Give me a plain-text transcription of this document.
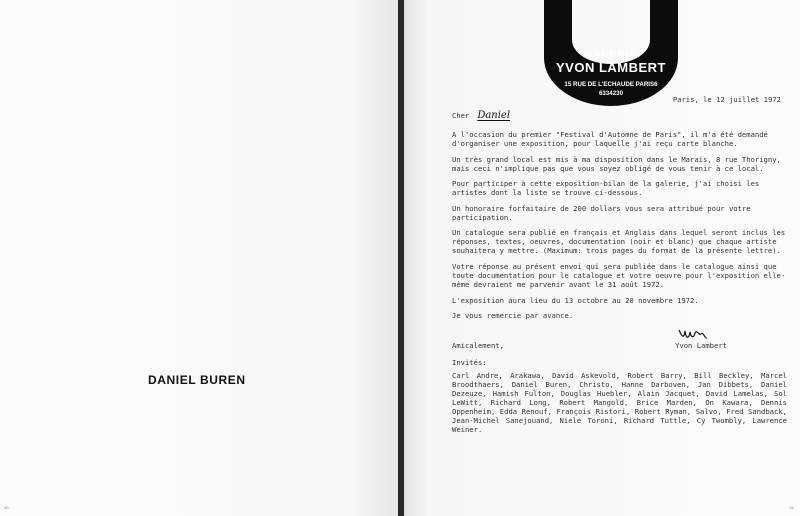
DANIEL BUREN
40
GALERIE
YVON LAMBERT
15 RUE DE L'ECHAUDE PARIS6
6334230
Paris, le 12 juillet 1972
Cher Daniel

A l'occasion du premier "Festival d'Automne de Paris", il m'a été demandé d'organiser une exposition, pour laquelle j'ai reçu carte blanche.

Un très grand local est mis à ma disposition dans le Marais, 8 rue Thorigny, mais ceci n'implique pas que vous soyez obligé de vous tenir à ce local.

Pour participer à cette exposition-bilan de la galerie, j'ai choisi les artistes dont la liste se trouve ci-dessous.

Un honoraire forfaitaire de 200 dollars vous sera attribué pour votre participation.

Un catalogue sera publié en français et Anglais dans lequel seront inclus les réponses, textes, oeuvres, documentation (noir et blanc) que chaque artiste souhaitera y mettre. (Maximum: trois pages du format de la présente lettre).

Votre réponse au présent envoi qui sera publiée dans le catalogue ainsi que toute documentation pour le catalogue et votre oeuvre pour l'exposition elle-même devraient me parvenir avant le 31 août 1972.

L'exposition aura lieu du 13 octobre au 20 novembre 1972.

Je vous remercie par avance.

Amicalement,	Yvon Lambert
Invités:
Carl Andre, Arakawa, David Askevold, Robert Barry, Bill Beckley, Marcel Broodthaers, Daniel Buren, Christo, Hanne Darboven, Jan Dibbets, Daniel Dezeuze, Hamish Fulton, Douglas Huebler, Alain Jacquet, David Lamelas, Sol LeWitt, Richard Long, Robert Mangold, Brice Marden, On Kawara, Dennis Oppenheim, Edda Renouf, François Ristori, Robert Ryman, Salvo, Fred Sandback, Jean-Michel Sanejouand, Niele Toroni, Richard Tuttle, Cy Twombly, Lawrence Weiner.
41
